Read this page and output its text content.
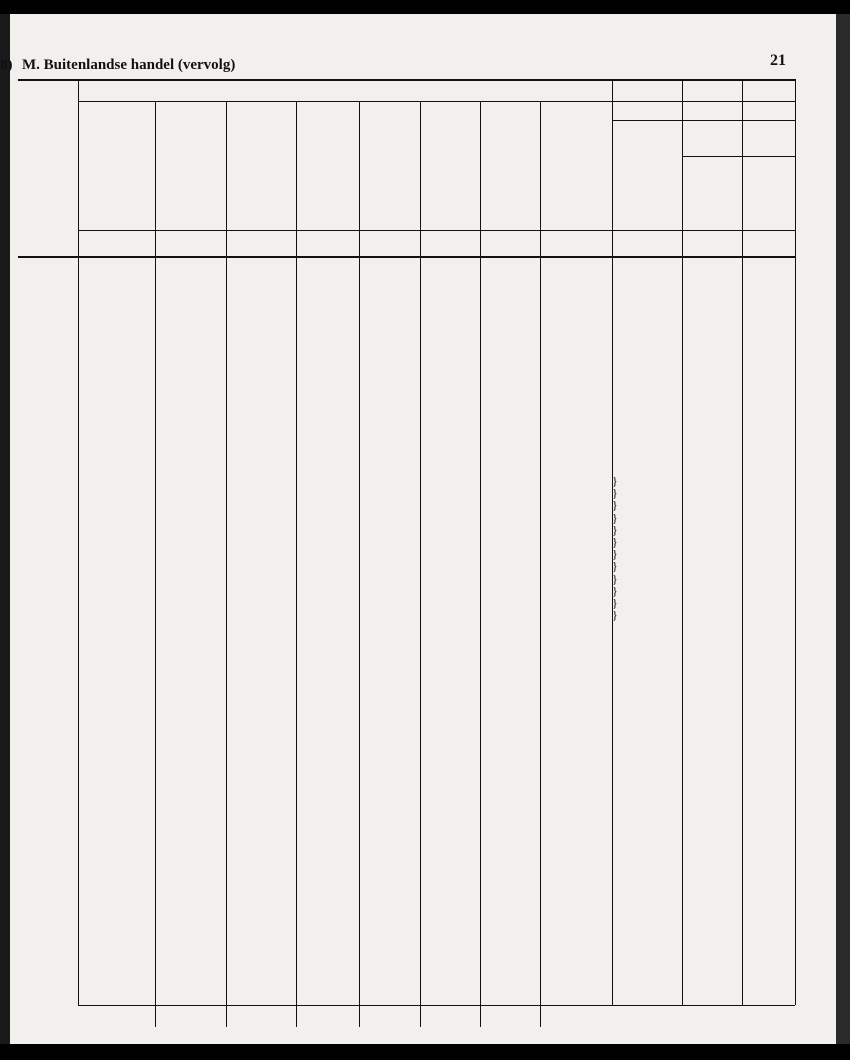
8) M. Buitenlandse handel (vervolg)	21
}
}
}
}
}
}
}
}
}
}
}
}
